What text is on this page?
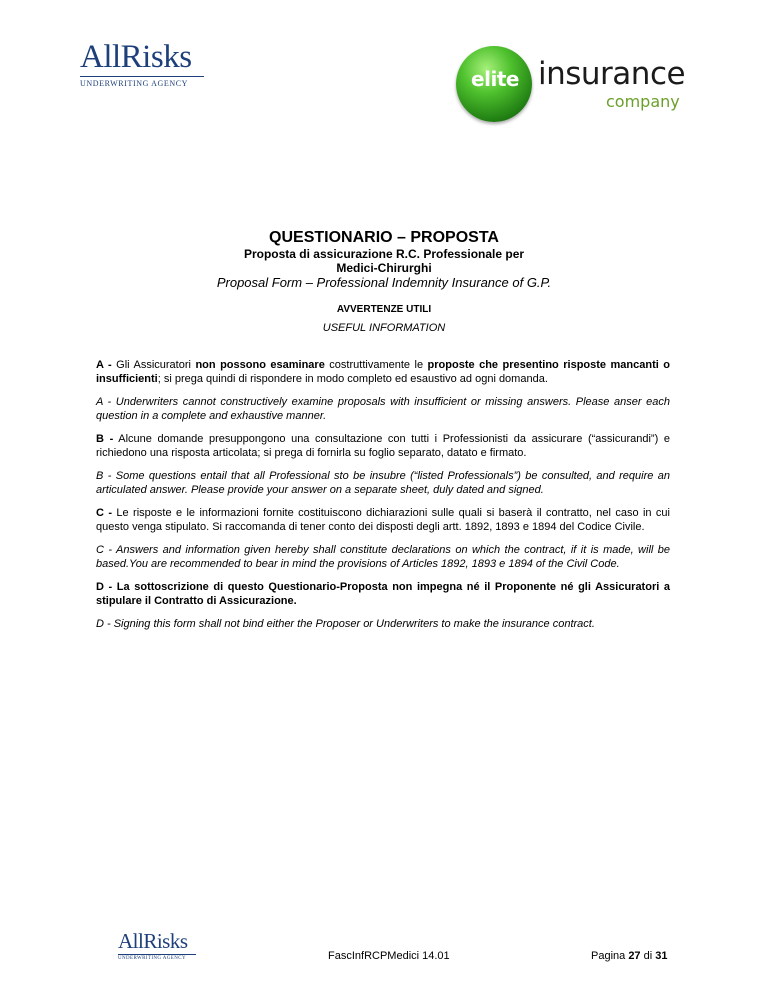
AllRisks
UNDERWRITING AGENCY	elite insurance
company
QUESTIONARIO – PROPOSTA
Proposta di assicurazione R.C. Professionale per
Medici-Chirurghi
Proposal Form – Professional Indemnity Insurance of G.P.
AVVERTENZE UTILI
USEFUL INFORMATION
A - Gli Assicuratori non possono esaminare costruttivamente le proposte che presentino risposte mancanti o insufficienti; si prega quindi di rispondere in modo completo ed esaustivo ad ogni domanda.
A - Underwriters cannot constructively examine proposals with insufficient or missing answers. Please anser each question in a complete and exhaustive manner.
B - Alcune domande presuppongono una consultazione con tutti i Professionisti da assicurare (“assicurandi”) e richiedono una risposta articolata; si prega di fornirla su foglio separato, datato e firmato.
B - Some questions entail that all Professional sto be insubre (“listed Professionals”) be consulted, and require an articulated answer. Please provide your answer on a separate sheet, duly dated and signed.
C - Le risposte e le informazioni fornite costituiscono dichiarazioni sulle quali si baserà il contratto, nel caso in cui questo venga stipulato. Si raccomanda di tener conto dei disposti degli artt. 1892, 1893 e 1894 del Codice Civile.
C - Answers and information given hereby shall constitute declarations on which the contract, if it is made, will be based.You are recommended to bear in mind the provisions of Articles 1892, 1893 e 1894 of the Civil Code.
D - La sottoscrizione di questo Questionario-Proposta non impegna né il Proponente né gli Assicuratori a stipulare il Contratto di Assicurazione.
D - Signing this form shall not bind either the Proposer or Underwriters to make the insurance contract.
AllRisks
UNDERWRITING AGENCY	FascInfRCPMedici 14.01	Pagina 27 di 31
